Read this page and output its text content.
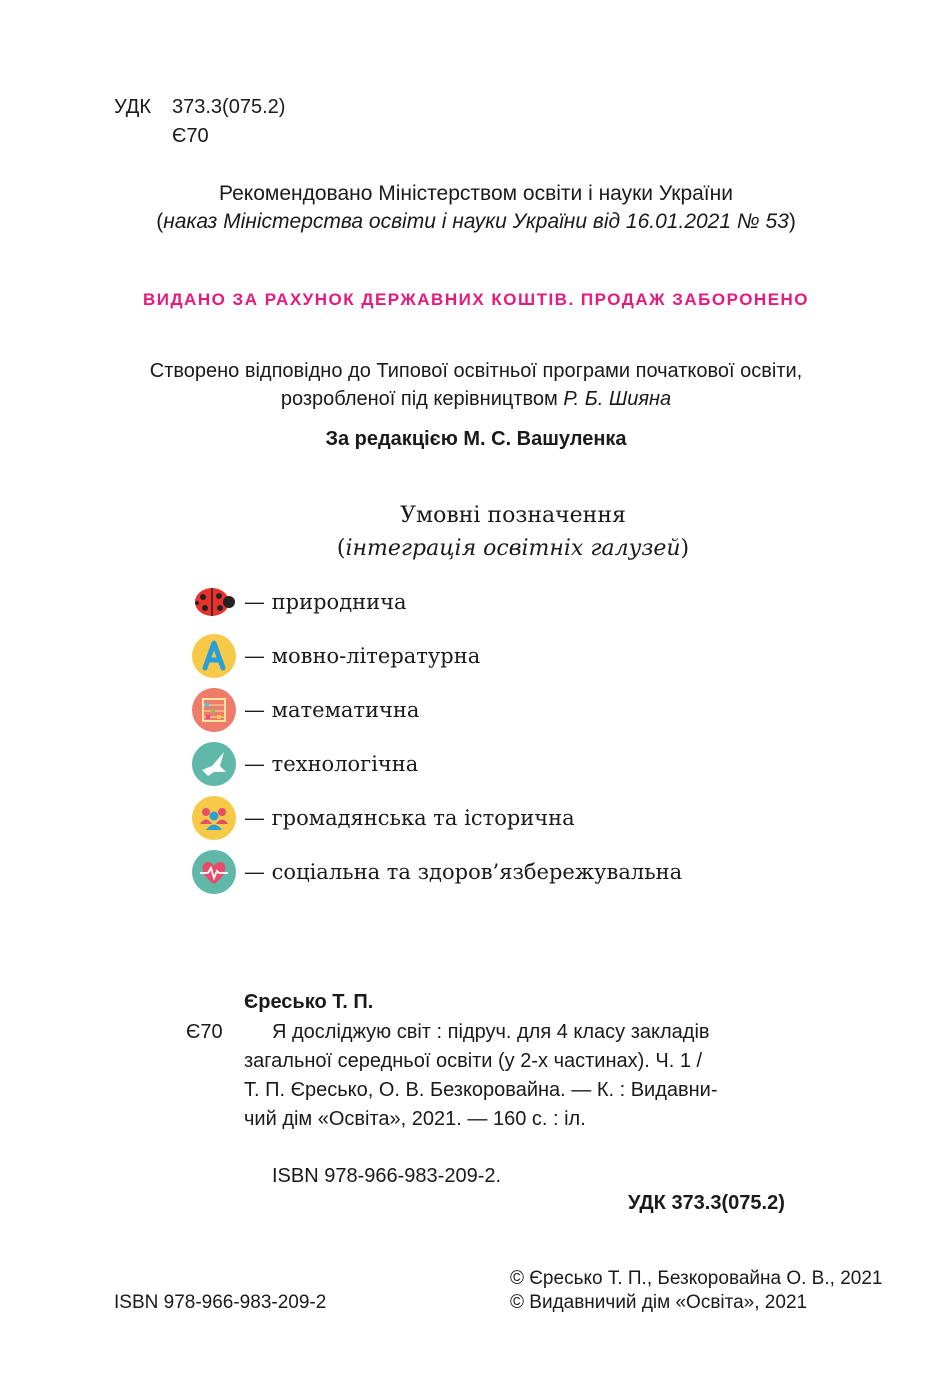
УДК 373.3(075.2)
Є70
Рекомендовано Міністерством освіти і науки України
(наказ Міністерства освіти і науки України від 16.01.2021 № 53)
ВИДАНО ЗА РАХУНОК ДЕРЖАВНИХ КОШТІВ. ПРОДАЖ ЗАБОРОНЕНО
Створено відповідно до Типової освітньої програми початкової освіти,
розробленої під керівництвом Р. Б. Шияна
За редакцією М. С. Вашуленка
Умовні позначення
(інтеграція освітніх галузей)
— природнича
— мовно-літературна
— математична
— технологічна
— громадянська та історична
— соціальна та здоров’язбережувальна
Єресько Т. П.
Є70 Я досліджую світ : підруч. для 4 класу закладів
загальної середньої освіти (у 2-х частинах). Ч. 1 /
Т. П. Єресько, О. В. Безкоровайна. — К. : Видавни-
чий дім «Освіта», 2021. — 160 с. : іл.
ISBN 978-966-983-209-2.
УДК 373.3(075.2)
© Єресько Т. П., Безкоровайна О. В., 2021
ISBN 978-966-983-209-2	© Видавничий дім «Освіта», 2021
